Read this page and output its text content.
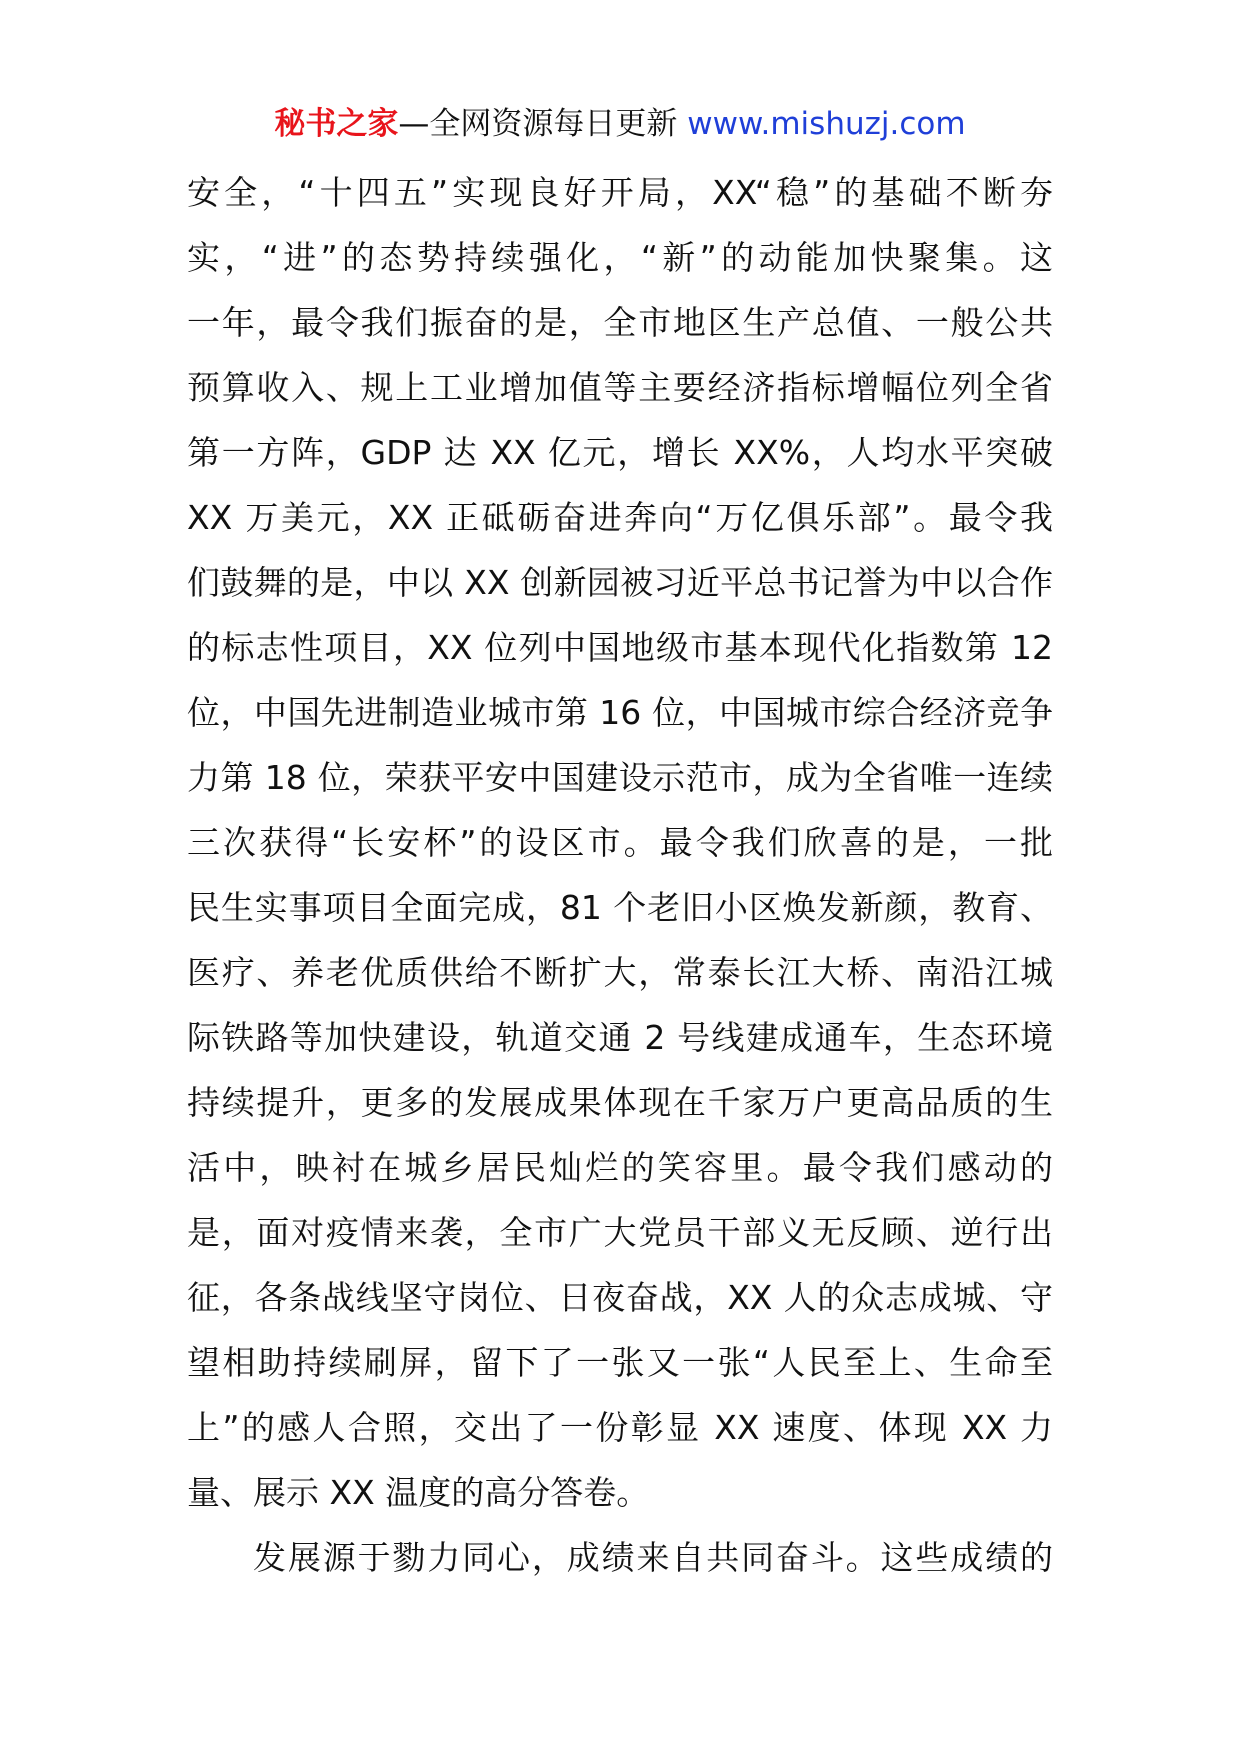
秘书之家—全网资源每日更新 www.mishuzj.com
安全，“十四五”实现良好开局，XX“稳”的基础不断夯
实，“进”的态势持续强化，“新”的动能加快聚集。这
一年，最令我们振奋的是，全市地区生产总值、一般公共
预算收入、规上工业增加值等主要经济指标增幅位列全省
第一方阵，GDP 达 XX 亿元，增长 XX%，人均水平突破
XX 万美元，XX 正砥砺奋进奔向“万亿俱乐部”。最令我
们鼓舞的是，中以 XX 创新园被习近平总书记誉为中以合作
的标志性项目，XX 位列中国地级市基本现代化指数第 12
位，中国先进制造业城市第 16 位，中国城市综合经济竞争
力第 18 位，荣获平安中国建设示范市，成为全省唯一连续
三次获得“长安杯”的设区市。最令我们欣喜的是，一批
民生实事项目全面完成，81 个老旧小区焕发新颜，教育、
医疗、养老优质供给不断扩大，常泰长江大桥、南沿江城
际铁路等加快建设，轨道交通 2 号线建成通车，生态环境
持续提升，更多的发展成果体现在千家万户更高品质的生
活中，映衬在城乡居民灿烂的笑容里。最令我们感动的
是，面对疫情来袭，全市广大党员干部义无反顾、逆行出
征，各条战线坚守岗位、日夜奋战，XX 人的众志成城、守
望相助持续刷屏，留下了一张又一张“人民至上、生命至
上”的感人合照，交出了一份彰显 XX 速度、体现 XX 力
量、展示 XX 温度的高分答卷。
发展源于勠力同心，成绩来自共同奋斗。这些成绩的
